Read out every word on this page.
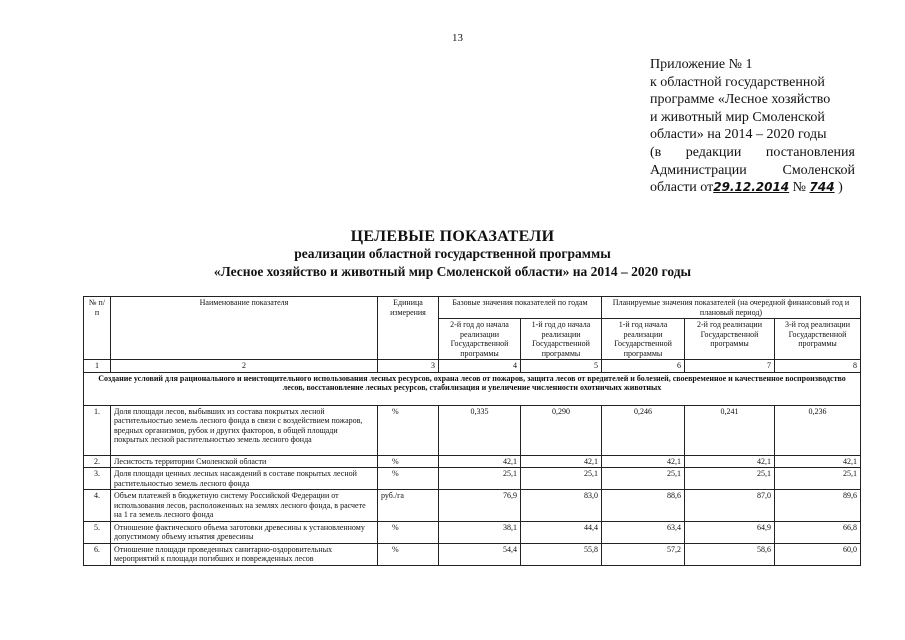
13
Приложение № 1
к областной государственной
программе «Лесное хозяйство
и животный мир Смоленской
области» на 2014 – 2020 годы
(в редакции постановления
Администрации	Смоленской
области от29.12.2014 № 744 )
ЦЕЛЕВЫЕ ПОКАЗАТЕЛИ
реализации областной государственной программы
«Лесное хозяйство и животный мир Смоленской области» на 2014 – 2020 годы
№ п/п	Наименование показателя	Единица измерения	Базовые значения показателей по годам		Планируемые значения показателей (на очередной финансовый год и плановый период)		
			2-й год до начала реализации Государственной программы	1-й год до начала реализации Государственной программы	1-й год начала реализации Государственной программы	2-й год реализации Государственной программы	3-й год реализации Государственной программы
1	2	3	4	5	6	7	8
Создание условий для рационального и неистощительного использования лесных ресурсов, охрана лесов от пожаров, защита лесов от вредителей и болезней, своевременное и качественное воспроизводство лесов, восстановление лесных ресурсов, стабилизация и увеличение численности охотничьих животных							
1.	Доля площади лесов, выбывших из состава покрытых лесной растительностью земель лесного фонда в связи с воздействием пожаров, вредных организмов, рубок и других факторов, в общей площади покрытых лесной растительностью земель лесного фонда	%	0,335	0,290	0,246	0,241	0,236
2.	Лесистость территории Смоленской области	%	42,1	42,1	42,1	42,1	42,1
3.	Доля площади ценных лесных насаждений в составе покрытых лесной растительностью земель лесного фонда	%	25,1	25,1	25,1	25,1	25,1
4.	Объем платежей в бюджетную систему Российской Федерации от использования лесов, расположенных на землях лесного фонда, в расчете на 1 га земель лесного фонда	руб./га	76,9	83,0	88,6	87,0	89,6
5.	Отношение фактического объема заготовки древесины к установленному допустимому объему изъятия древесины	%	38,1	44,4	63,4	64,9	66,8
6.	Отношение площади проведенных санитарно-оздоровительных мероприятий к площади погибших и поврежденных лесов	%	54,4	55,8	57,2	58,6	60,0
